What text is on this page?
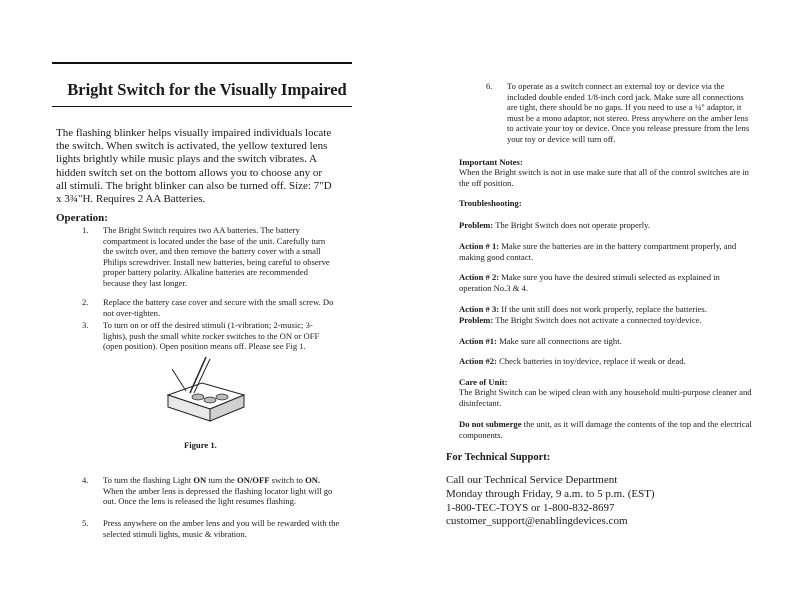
Bright Switch for the Visually Impaired
The flashing blinker helps visually impaired individuals locate the switch. When switch is activated, the yellow textured lens lights brightly while music plays and the switch vibrates. A hidden switch set on the bottom allows you to choose any or all stimuli. The bright blinker can also be turned off. Size: 7"D x 3¾"H. Requires 2 AA Batteries.
Operation:
1. The Bright Switch requires two AA batteries. The battery compartment is located under the base of the unit. Carefully turn the switch over, and then remove the battery cover with a small Philips screwdriver. Install new batteries, being careful to observe proper battery polarity. Alkaline batteries are recommended because they last longer.
2. Replace the battery case cover and secure with the small screw. Do not over-tighten.
3. To turn on or off the desired stimuli (1-vibration; 2-music; 3-lights), push the small white rocker switches to the ON or OFF (open position). Open position means off. Please see Fig 1.
Figure 1.
4. To turn the flashing Light ON turn the ON/OFF switch to ON. When the amber lens is depressed the flashing locator light will go out. Once the lens is released the light resumes flashing.
5. Press anywhere on the amber lens and you will be rewarded with the selected stimuli lights, music & vibration.
6. To operate as a switch connect an external toy or device via the included double ended 1/8-inch cord jack. Make sure all connections are tight, there should be no gaps. If you need to use a ¼" adaptor, it must be a mono adaptor, not stereo. Press anywhere on the amber lens to activate your toy or device. Once you release pressure from the lens your toy or device will turn off.
Important Notes:
When the Bright switch is not in use make sure that all of the control switches are in the off position.
Troubleshooting:
Problem: The Bright Switch does not operate properly.
Action # 1: Make sure the batteries are in the battery compartment properly, and making good contact.
Action # 2: Make sure you have the desired stimuli selected as explained in operation No.3 & 4.
Action # 3: If the unit still does not work properly, replace the batteries.
Problem: The Bright Switch does not activate a connected toy/device.
Action #1: Make sure all connections are tight.
Action #2: Check batteries in toy/device, replace if weak or dead.
Care of Unit:
The Bright Switch can be wiped clean with any household multi-purpose cleaner and disinfectant.
Do not submerge the unit, as it will damage the contents of the top and the electrical components.
For Technical Support:
Call our Technical Service Department
Monday through Friday, 9 a.m. to 5 p.m. (EST)
1-800-TEC-TOYS or 1-800-832-8697
customer_support@enablingdevices.com
